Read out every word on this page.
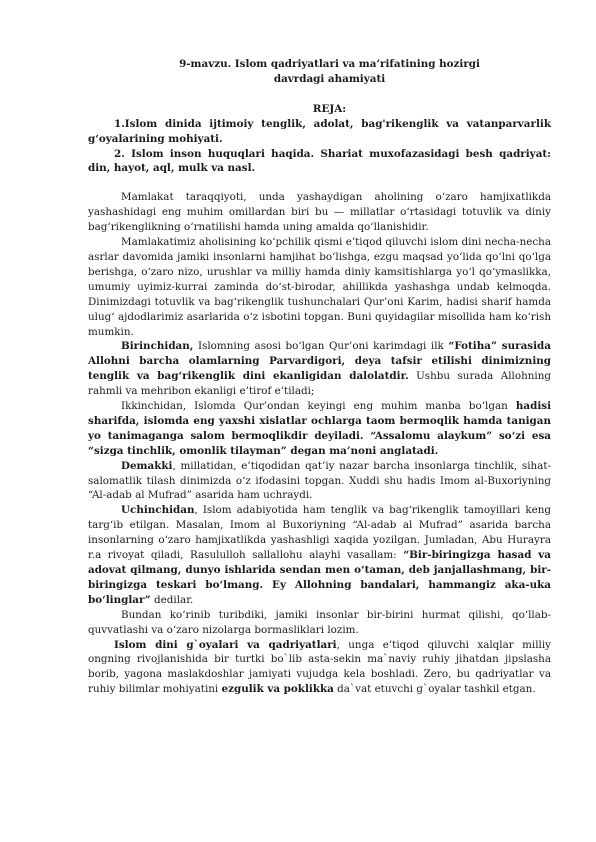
9-mavzu. Islom qadriyatlari va ma’rifatining hozirgi
davrdagi ahamiyati
REJA:

1.Islom dinida ijtimoiy tenglik, adolat, bag'rikenglik va vatanparvarlik g‘oyalarining mohiyati.

2. Islom inson huquqlari haqida. Shariat muxofazasidagi besh qadriyat: din, hayot, aql, mulk va nasl.

Mamlakat taraqqiyoti, unda yashaydigan aholining o‘zaro hamjixatlikda yashashidagi eng muhim omillardan biri bu — millatlar o‘rtasidagi totuvlik va diniy bag‘rikenglikning o‘rnatilishi hamda uning amalda qo‘llanishidir.

Mamlakatimiz aholisining ko‘pchilik qismi e’tiqod qiluvchi islom dini necha-necha asrlar davomida jamiki insonlarni hamjihat bo‘lishga, ezgu maqsad yo‘lida qo‘lni qo‘lga berishga, o‘zaro nizo, urushlar va milliy hamda diniy kamsitishlarga yo‘l qo‘ymaslikka, umumiy uyimiz-kurrai zaminda do‘st-birodar, ahillikda yashashga undab kelmoqda. Dinimizdagi totuvlik va bag‘rikenglik tushunchalari Qur’oni Karim, hadisi sharif hamda ulug‘ ajdodlarimiz asarlarida o‘z isbotini topgan. Buni quyidagilar misollida ham ko‘rish mumkin.

Birinchidan, Islomning asosi bo‘lgan Qur’oni karimdagi ilk “Fotiha” surasida Allohni barcha olamlarning Parvardigori, deya tafsir etilishi dinimizning tenglik va bag‘rikenglik dini ekanligidan dalolatdir. Ushbu surada Allohning rahmli va mehribon ekanligi e’tirof e’tiladi;

Ikkinchidan, Islomda Qur’ondan keyingi eng muhim manba bo‘lgan hadisi sharifda, islomda eng yaxshi xislatlar ochlarga taom bermoqlik hamda tanigan yo tanimaganga salom bermoqlikdir deyiladi. “Assalomu alaykum” so‘zi esa “sizga tinchlik, omonlik tilayman” degan ma’noni anglatadi.

Demakki, millatidan, e’tiqodidan qat’iy nazar barcha insonlarga tinchlik, sihat-salomatlik tilash dinimizda o‘z ifodasini topgan. Xuddi shu hadis Imom al-Buxoriyning “Al-adab al Mufrad” asarida ham uchraydi.

Uchinchidan, Islom adabiyotida ham tenglik va bag‘rikenglik tamoyillari keng targ‘ib etilgan. Masalan, Imom al Buxoriyning “Al-adab al Mufrad” asarida barcha insonlarning o‘zaro hamjixatlikda yashashligi xaqida yozilgan. Jumladan, Abu Hurayra r.a rivoyat qiladi, Rasululloh sallallohu alayhi vasallam: “Bir-biringizga hasad va adovat qilmang, dunyo ishlarida sendan men o‘taman, deb janjallashmang, bir-biringizga teskari bo‘lmang. Ey Allohning bandalari, hammangiz aka-uka bo‘linglar” dedilar.

Bundan ko‘rinib turibdiki, jamiki insonlar bir-birini hurmat qilishi, qo‘llab-quvvatlashi va o‘zaro nizolarga bormasliklari lozim.

Islom dini g`oyalari va qadriyatlari, unga e’tiqod qiluvchi xalqlar milliy ongning rivojlanishida bir turtki bo`lib asta-sekin ma`naviy ruhiy jihatdan jipslasha borib, yagona maslakdoshlar jamiyati vujudga kela boshladi. Zero, bu qadriyatlar va ruhiy bilimlar mohiyatini ezgulik va poklikka da`vat etuvchi g`oyalar tashkil etgan.
